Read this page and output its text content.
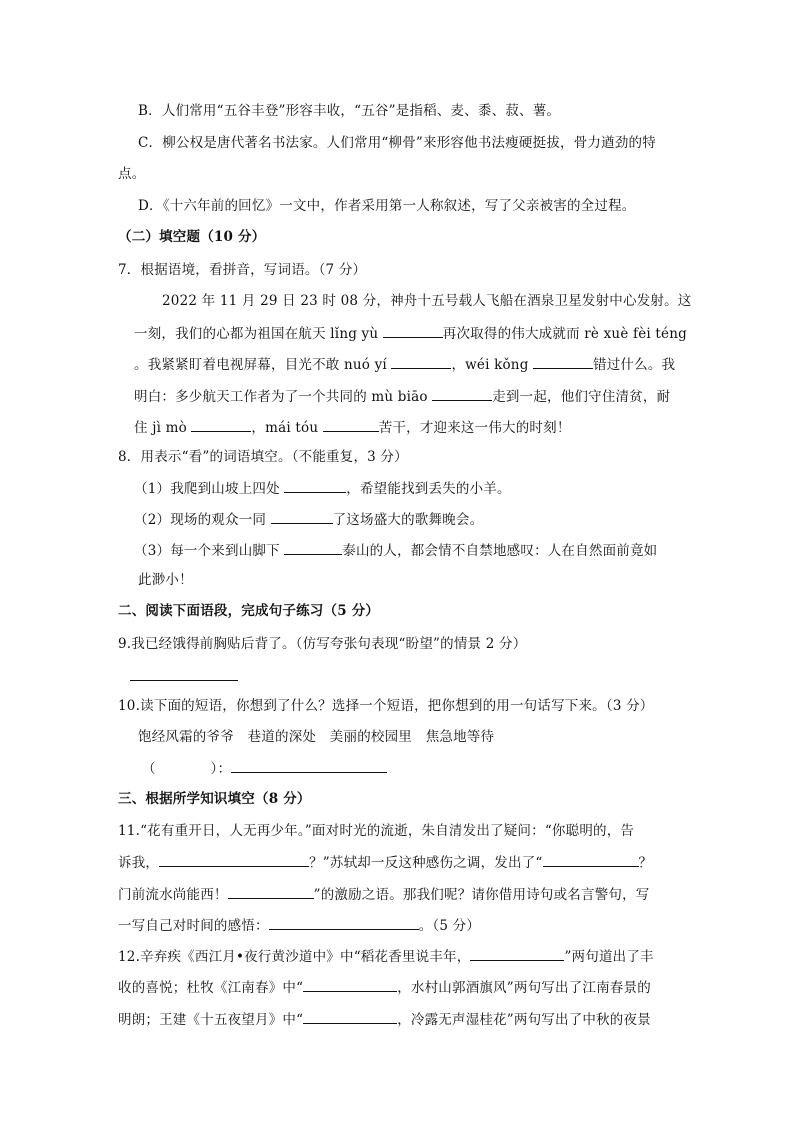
B．人们常用“五谷丰登”形容丰收，“五谷”是指稻、麦、黍、菽、薯。
C．柳公权是唐代著名书法家。人们常用“柳骨”来形容他书法瘦硬挺拔，骨力遒劲的特
点。
D．《十六年前的回忆》一文中，作者采用第一人称叙述，写了父亲被害的全过程。
（二）填空题（10 分）
7．根据语境，看拼音，写词语。（7 分）
2022 年 11 月 29 日 23 时 08 分，神舟十五号载人飞船在酒泉卫星发射中心发射。这
一刻，我们的心都为祖国在航天 lǐng yù	再次取得的伟大成就而 rè xuè fèi téng
。我紧紧盯着电视屏幕，目光不敢 nuó yí	，wéi kǒng	错过什么。我
明白：多少航天工作者为了一个共同的 mù biāo	走到一起，他们守住清贫，耐
住 jì mò	，mái tóu	苦干，才迎来这一伟大的时刻！
8．用表示“看”的词语填空。（不能重复，3 分）
（1）我爬到山坡上四处	，希望能找到丢失的小羊。
（2）现场的观众一同	了这场盛大的歌舞晚会。
（3）每一个来到山脚下	泰山的人，都会情不自禁地感叹：人在自然面前竟如
此渺小！
二、阅读下面语段，完成句子练习（5 分）
9.我已经饿得前胸贴后背了。（仿写夸张句表现“盼望”的情景 2 分）
10.读下面的短语，你想到了什么？选择一个短语，把你想到的用一句话写下来。（3 分）
饱经风霜的爷爷　巷道的深处　美丽的校园里　焦急地等待
（　　　　）：
三、根据所学知识填空（8 分）
11.“花有重开日，人无再少年。”面对时光的流逝，朱自清发出了疑问：“你聪明的，告
诉我，	？”苏轼却一反这种感伤之调，发出了“	？
门前流水尚能西！	”的激励之语。那我们呢？请你借用诗句或名言警句，写
一写自己对时间的感悟：	。（5 分）
12.辛弃疾《西江月•夜行黄沙道中》中“稻花香里说丰年，	”两句道出了丰
收的喜悦；杜牧《江南春》中“	，水村山郭酒旗风”两句写出了江南春景的
明朗；王建《十五夜望月》中“	，冷露无声湿桂花”两句写出了中秋的夜景
